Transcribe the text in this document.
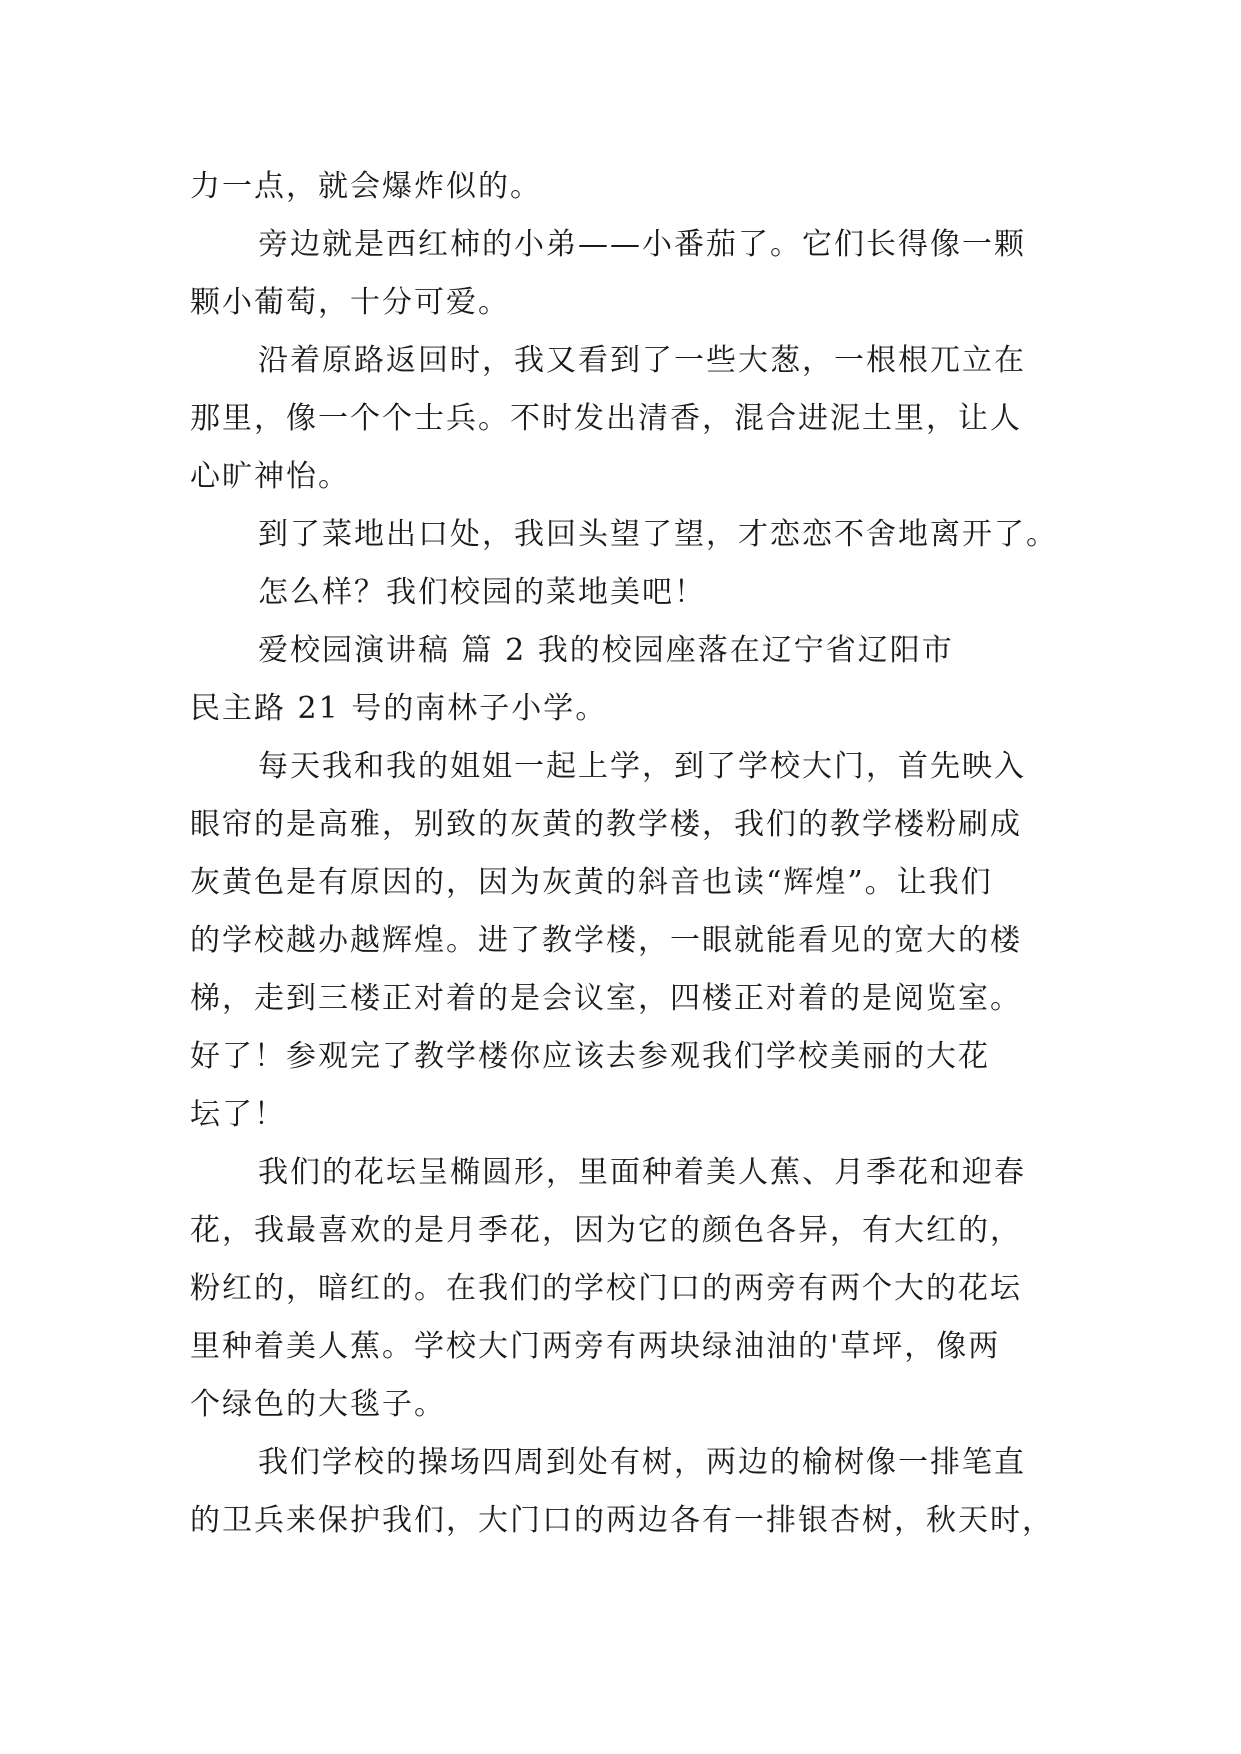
力一点，就会爆炸似的。
旁边就是西红柿的小弟——小番茄了。它们长得像一颗
颗小葡萄，十分可爱。
沿着原路返回时，我又看到了一些大葱，一根根兀立在
那里，像一个个士兵。不时发出清香，混合进泥土里，让人
心旷神怡。
到了菜地出口处，我回头望了望，才恋恋不舍地离开了。
怎么样？我们校园的菜地美吧！
爱校园演讲稿 篇 2 我的校园座落在辽宁省辽阳市
民主路 21 号的南林子小学。
每天我和我的姐姐一起上学，到了学校大门，首先映入
眼帘的是高雅，别致的灰黄的教学楼，我们的教学楼粉刷成
灰黄色是有原因的，因为灰黄的斜音也读“辉煌”。让我们
的学校越办越辉煌。进了教学楼，一眼就能看见的宽大的楼
梯，走到三楼正对着的是会议室，四楼正对着的是阅览室。
好了！参观完了教学楼你应该去参观我们学校美丽的大花
坛了！
我们的花坛呈椭圆形，里面种着美人蕉、月季花和迎春
花，我最喜欢的是月季花，因为它的颜色各异，有大红的，
粉红的，暗红的。在我们的学校门口的两旁有两个大的花坛
里种着美人蕉。学校大门两旁有两块绿油油的'草坪，像两
个绿色的大毯子。
我们学校的操场四周到处有树，两边的榆树像一排笔直
的卫兵来保护我们，大门口的两边各有一排银杏树，秋天时，
